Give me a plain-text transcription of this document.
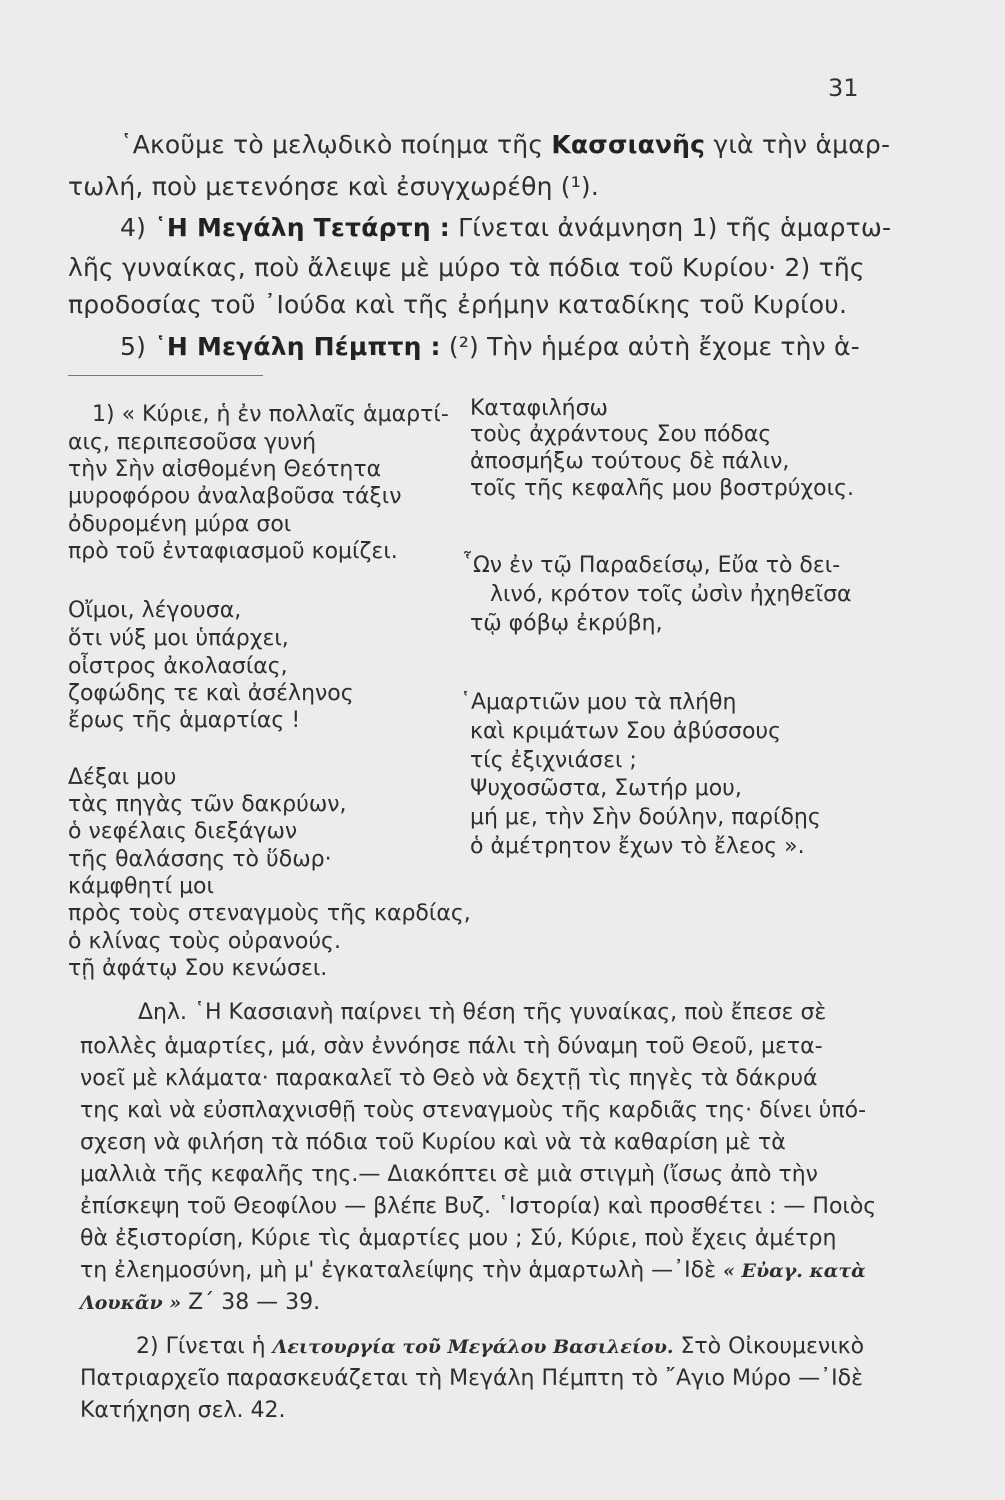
31
῾Ακοῦμε τὸ μελῳδικὸ ποίημα τῆς Κασσιανῆς γιὰ τὴν ἁμαρ-
τωλή, ποὺ μετενόησε καὶ ἐσυγχωρέθη (¹).
4) ῾Η Μεγάλη Τετάρτη : Γίνεται ἀνάμνηση 1) τῆς ἁμαρτω-
λῆς γυναίκας, ποὺ ἄλειψε μὲ μύρο τὰ πόδια τοῦ Κυρίου· 2) τῆς
προδοσίας τοῦ ᾿Ιούδα καὶ τῆς ἐρήμην καταδίκης τοῦ Κυρίου.
5) ῾Η Μεγάλη Πέμπτη : (²) Τὴν ἡμέρα αὐτὴ ἔχομε τὴν ἁ-
1) « Κύριε, ἡ ἐν πολλαῖς ἁμαρτί-
αις, περιπεσοῦσα γυνή
τὴν Σὴν αἰσθομένη Θεότητα
μυροφόρου ἀναλαβοῦσα τάξιν
ὀδυρομένη μύρα σοι
πρὸ τοῦ ἐνταφιασμοῦ κομίζει.
Οἴμοι, λέγουσα,
ὅτι νύξ μοι ὑπάρχει,
οἶστρος ἀκολασίας,
ζοφώδης τε καὶ ἀσέληνος
ἔρως τῆς ἁμαρτίας !
Δέξαι μου
τὰς πηγὰς τῶν δακρύων,
ὁ νεφέλαις διεξάγων
τῆς θαλάσσης τὸ ὕδωρ·
κάμφθητί μοι
πρὸς τοὺς στεναγμοὺς τῆς καρδίας,
ὁ κλίνας τοὺς οὐρανούς.
τῇ ἀφάτῳ Σου κενώσει.
Καταφιλήσω
τοὺς ἀχράντους Σου πόδας
ἀποσμήξω τούτους δὲ πάλιν,
τοῖς τῆς κεφαλῆς μου βοστρύχοις.
῟Ων ἐν τῷ Παραδείσῳ, Εὔα τὸ δει-
λινό, κρότον τοῖς ὠσὶν ἠχηθεῖσα
τῷ φόβῳ ἐκρύβη,
῾Αμαρτιῶν μου τὰ πλήθη
καὶ κριμάτων Σου ἀβύσσους
τίς ἐξιχνιάσει ;
Ψυχοσῶστα, Σωτήρ μου,
μή με, τὴν Σὴν δούλην, παρίδῃς
ὁ ἀμέτρητον ἔχων τὸ ἔλεος ».
Δηλ. ῾Η Κασσιανὴ παίρνει τὴ θέση τῆς γυναίκας, ποὺ ἔπεσε σὲ
πολλὲς ἁμαρτίες, μά, σὰν ἐννόησε πάλι τὴ δύναμη τοῦ Θεοῦ, μετα-
νοεῖ μὲ κλάματα· παρακαλεῖ τὸ Θεὸ νὰ δεχτῇ τὶς πηγὲς τὰ δάκρυά
της καὶ νὰ εὐσπλαχνισθῇ τοὺς στεναγμοὺς τῆς καρδιᾶς της· δίνει ὑπό-
σχεση νὰ φιλήση τὰ πόδια τοῦ Κυρίου καὶ νὰ τὰ καθαρίση μὲ τὰ
μαλλιὰ τῆς κεφαλῆς της.— Διακόπτει σὲ μιὰ στιγμὴ (ἴσως ἀπὸ τὴν
ἐπίσκεψη τοῦ Θεοφίλου — βλέπε Βυζ. ῾Ιστορία) καὶ προσθέτει : — Ποιὸς
θὰ ἐξιστορίση, Κύριε τὶς ἁμαρτίες μου ; Σύ, Κύριε, ποὺ ἔχεις ἀμέτρη
τη ἐλεημοσύνη, μὴ μ' ἐγκαταλείψης τὴν ἁμαρτωλὴ —᾿Ιδὲ « Εὐαγ. κατὰ
Λουκᾶν » Ζ´ 38 — 39.
2) Γίνεται ἡ Λειτουργία τοῦ Μεγάλου Βασιλείου. Στὸ Οἰκουμενικὸ
Πατριαρχεῖο παρασκευάζεται τὴ Μεγάλη Πέμπτη τὸ ῎Αγιο Μύρο —᾿Ιδὲ
Κατήχηση σελ. 42.
